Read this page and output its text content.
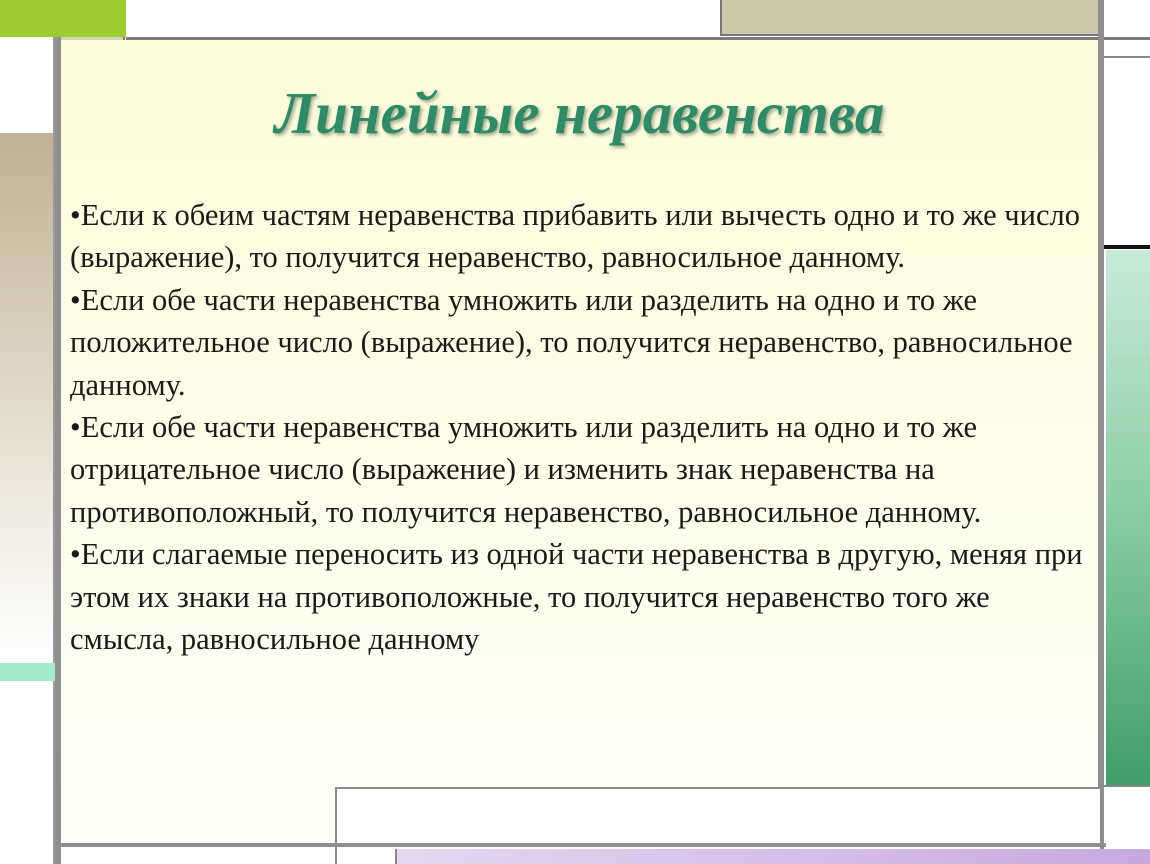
Линейные неравенства
• Если к обеим частям неравенства прибавить или вычесть одно и то же число (выражение), то получится неравенство, равносильное данному.
• Если обе части неравенства умножить или разделить на одно и то же положительное число (выражение), то получится неравенство, равносильное данному.
• Если обе части неравенства умножить или разделить на одно и то же отрицательное число (выражение) и изменить знак неравенства на противоположный, то получится неравенство, равносильное данному.
• Если слагаемые переносить из одной части неравенства в другую, меняя при этом их знаки на противоположные, то получится неравенство того же смысла, равносильное данному
